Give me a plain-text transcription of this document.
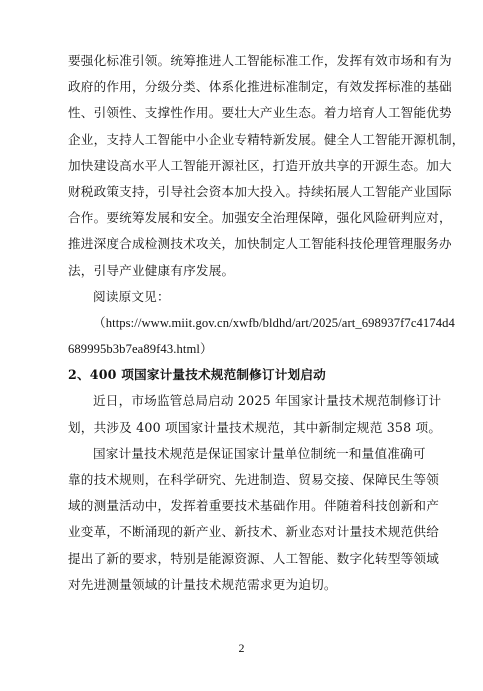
要强化标准引领。统筹推进人工智能标准工作，发挥有效市场和有为
政府的作用，分级分类、体系化推进标准制定，有效发挥标准的基础
性、引领性、支撑性作用。要壮大产业生态。着力培育人工智能优势
企业，支持人工智能中小企业专精特新发展。健全人工智能开源机制，
加快建设高水平人工智能开源社区，打造开放共享的开源生态。加大
财税政策支持，引导社会资本加大投入。持续拓展人工智能产业国际
合作。要统筹发展和安全。加强安全治理保障，强化风险研判应对，
推进深度合成检测技术攻关，加快制定人工智能科技伦理管理服务办
法，引导产业健康有序发展。
阅读原文见：
（https://www.miit.gov.cn/xwfb/bldhd/art/2025/art_698937f7c4174d4
689995b3b7ea89f43.html）
2、400 项国家计量技术规范制修订计划启动
近日，市场监管总局启动 2025 年国家计量技术规范制修订计
划，共涉及 400 项国家计量技术规范，其中新制定规范 358 项。
国家计量技术规范是保证国家计量单位制统一和量值准确可
靠的技术规则，在科学研究、先进制造、贸易交接、保障民生等领
域的测量活动中，发挥着重要技术基础作用。伴随着科技创新和产
业变革，不断涌现的新产业、新技术、新业态对计量技术规范供给
提出了新的要求，特别是能源资源、人工智能、数字化转型等领域
对先进测量领域的计量技术规范需求更为迫切。
2
